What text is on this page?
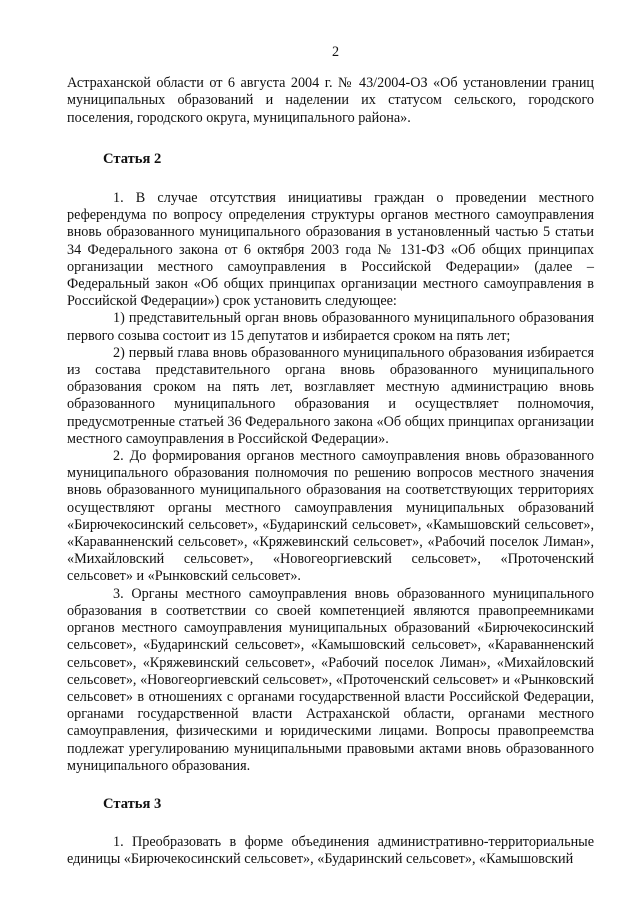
2

Астраханской области от 6 августа 2004 г. № 43/2004-ОЗ «Об установлении границ муниципальных образований и наделении их статусом сельского, городского поселения, городского округа, муниципального района».

Статья 2

1. В случае отсутствия инициативы граждан о проведении местного референдума по вопросу определения структуры органов местного самоуправления вновь образованного муниципального образования в установленный частью 5 статьи 34 Федерального закона от 6 октября 2003 года № 131-ФЗ «Об общих принципах организации местного самоуправления в Российской Федерации» (далее – Федеральный закон «Об общих принципах организации местного самоуправления в Российской Федерации») срок установить следующее:

1) представительный орган вновь образованного муниципального образования первого созыва состоит из 15 депутатов и избирается сроком на пять лет;

2) первый глава вновь образованного муниципального образования избирается из состава представительного органа вновь образованного муниципального образования сроком на пять лет, возглавляет местную администрацию вновь образованного муниципального образования и осуществляет полномочия, предусмотренные статьей 36 Федерального закона «Об общих принципах организации местного самоуправления в Российской Федерации».

2. До формирования органов местного самоуправления вновь образованного муниципального образования полномочия по решению вопросов местного значения вновь образованного муниципального образования на соответствующих территориях осуществляют органы местного самоуправления муниципальных образований «Бирючекосинский сельсовет», «Бударинский сельсовет», «Камышовский сельсовет», «Караванненский сельсовет», «Кряжевинский сельсовет», «Рабочий поселок Лиман», «Михайловский сельсовет», «Новогеоргиевский сельсовет», «Проточенский сельсовет» и «Рынковский сельсовет».

3. Органы местного самоуправления вновь образованного муниципального образования в соответствии со своей компетенцией являются правопреемниками органов местного самоуправления муниципальных образований «Бирючекосинский сельсовет», «Бударинский сельсовет», «Камышовский сельсовет», «Караванненский сельсовет», «Кряжевинский сельсовет», «Рабочий поселок Лиман», «Михайловский сельсовет», «Новогеоргиевский сельсовет», «Проточенский сельсовет» и «Рынковский сельсовет» в отношениях с органами государственной власти Российской Федерации, органами государственной власти Астраханской области, органами местного самоуправления, физическими и юридическими лицами. Вопросы правопреемства подлежат урегулированию муниципальными правовыми актами вновь образованного муниципального образования.

Статья 3

1. Преобразовать в форме объединения административно-территориальные единицы «Бирючекосинский сельсовет», «Бударинский сельсовет», «Камышовский
